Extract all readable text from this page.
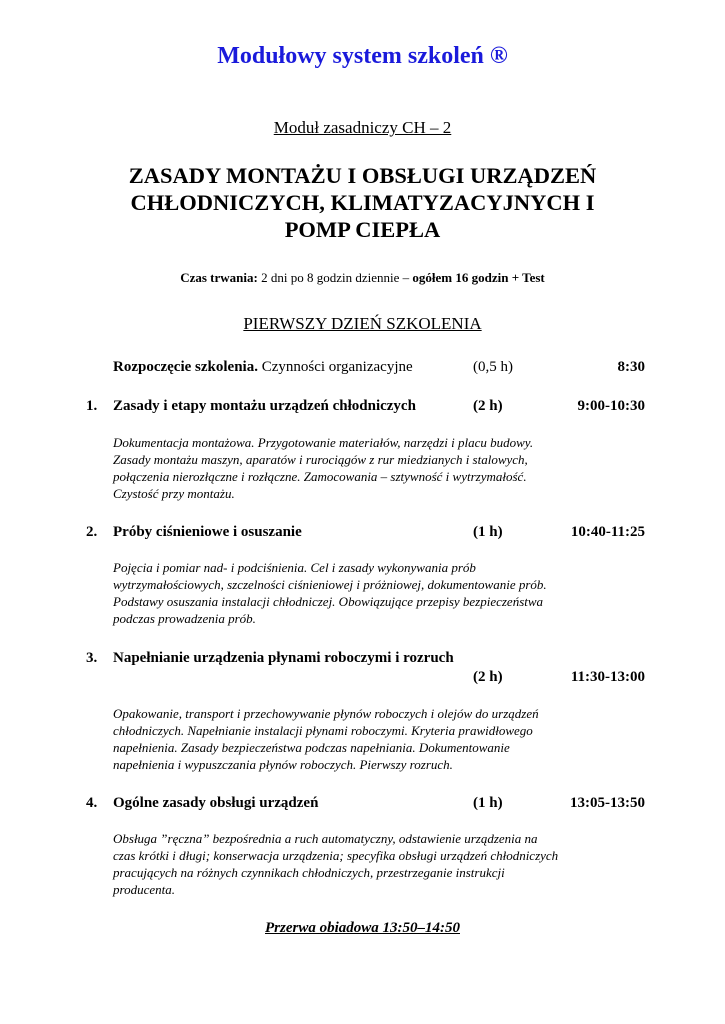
Modułowy system szkoleń ®
Moduł zasadniczy CH – 2
ZASADY MONTAŻU I OBSŁUGI URZĄDZEŃ
CHŁODNICZYCH, KLIMATYZACYJNYCH I
POMP CIEPŁA
Czas trwania: 2 dni po 8 godzin dziennie – ogółem 16 godzin + Test
PIERWSZY DZIEŃ SZKOLENIA
Rozpoczęcie szkolenia. Czynności organizacyjne	(0,5 h)	8:30
1. Zasady i etapy montażu urządzeń chłodniczych	(2 h)	9:00-10:30
Dokumentacja montażowa. Przygotowanie materiałów, narzędzi i placu budowy.
Zasady montażu maszyn, aparatów i rurociągów z rur miedzianych i stalowych,
połączenia nierozłączne i rozłączne. Zamocowania – sztywność i wytrzymałość.
Czystość przy montażu.
2. Próby ciśnieniowe i osuszanie	(1 h)	10:40-11:25
Pojęcia i pomiar nad- i podciśnienia. Cel i zasady wykonywania prób
wytrzymałościowych, szczelności ciśnieniowej i próżniowej, dokumentowanie prób.
Podstawy osuszania instalacji chłodniczej. Obowiązujące przepisy bezpieczeństwa
podczas prowadzenia prób.
3. Napełnianie urządzenia płynami roboczymi i rozruch
(2 h)	11:30-13:00
Opakowanie, transport i przechowywanie płynów roboczych i olejów do urządzeń
chłodniczych. Napełnianie instalacji płynami roboczymi. Kryteria prawidłowego
napełnienia. Zasady bezpieczeństwa podczas napełniania. Dokumentowanie
napełnienia i wypuszczania płynów roboczych. Pierwszy rozruch.
4. Ogólne zasady obsługi urządzeń	(1 h)	13:05-13:50
Obsługa ”ręczna” bezpośrednia a ruch automatyczny, odstawienie urządzenia na
czas krótki i długi; konserwacja urządzenia; specyfika obsługi urządzeń chłodniczych
pracujących na różnych czynnikach chłodniczych, przestrzeganie instrukcji
producenta.
Przerwa obiadowa 13:50–14:50
